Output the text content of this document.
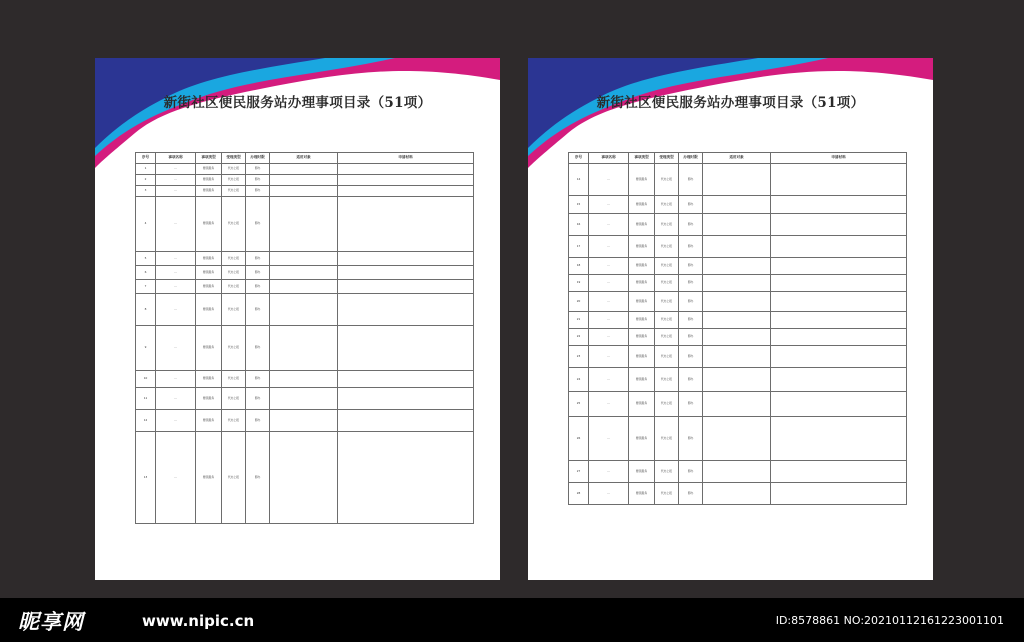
新街社区便民服务站办理事项目录（51项）
序号	事项名称	事项类型	受理类型	办理时限	适用对象	申请材料
1	…	便民服务	代办上报	即办		
2	…	便民服务	代办上报	即办		
3	…	便民服务	代办上报	即办		
4	…	便民服务	代办上报	即办		
5	…	便民服务	代办上报	即办		
6	…	便民服务	代办上报	即办		
7	…	便民服务	代办上报	即办		
8	…	便民服务	代办上报	即办		
9	…	便民服务	代办上报	即办		
10	…	便民服务	代办上报	即办		
11	…	便民服务	代办上报	即办		
12	…	便民服务	代办上报	即办		
13	…	便民服务	代办上报	即办		
新街社区便民服务站办理事项目录（51项）
序号	事项名称	事项类型	受理类型	办理时限	适用对象	申请材料
14	…	便民服务	代办上报	即办		
15	…	便民服务	代办上报	即办		
16	…	便民服务	代办上报	即办		
17	…	便民服务	代办上报	即办		
18	…	便民服务	代办上报	即办		
19	…	便民服务	代办上报	即办		
20	…	便民服务	代办上报	即办		
21	…	便民服务	代办上报	即办		
22	…	便民服务	代办上报	即办		
23	…	便民服务	代办上报	即办		
24	…	便民服务	代办上报	即办		
25	…	便民服务	代办上报	即办		
26	…	便民服务	代办上报	即办		
27	…	便民服务	代办上报	即办		
28	…	便民服务	代办上报	即办		
昵享网	www.nipic.cn	ID:8578861 NO:20210112161223001101
